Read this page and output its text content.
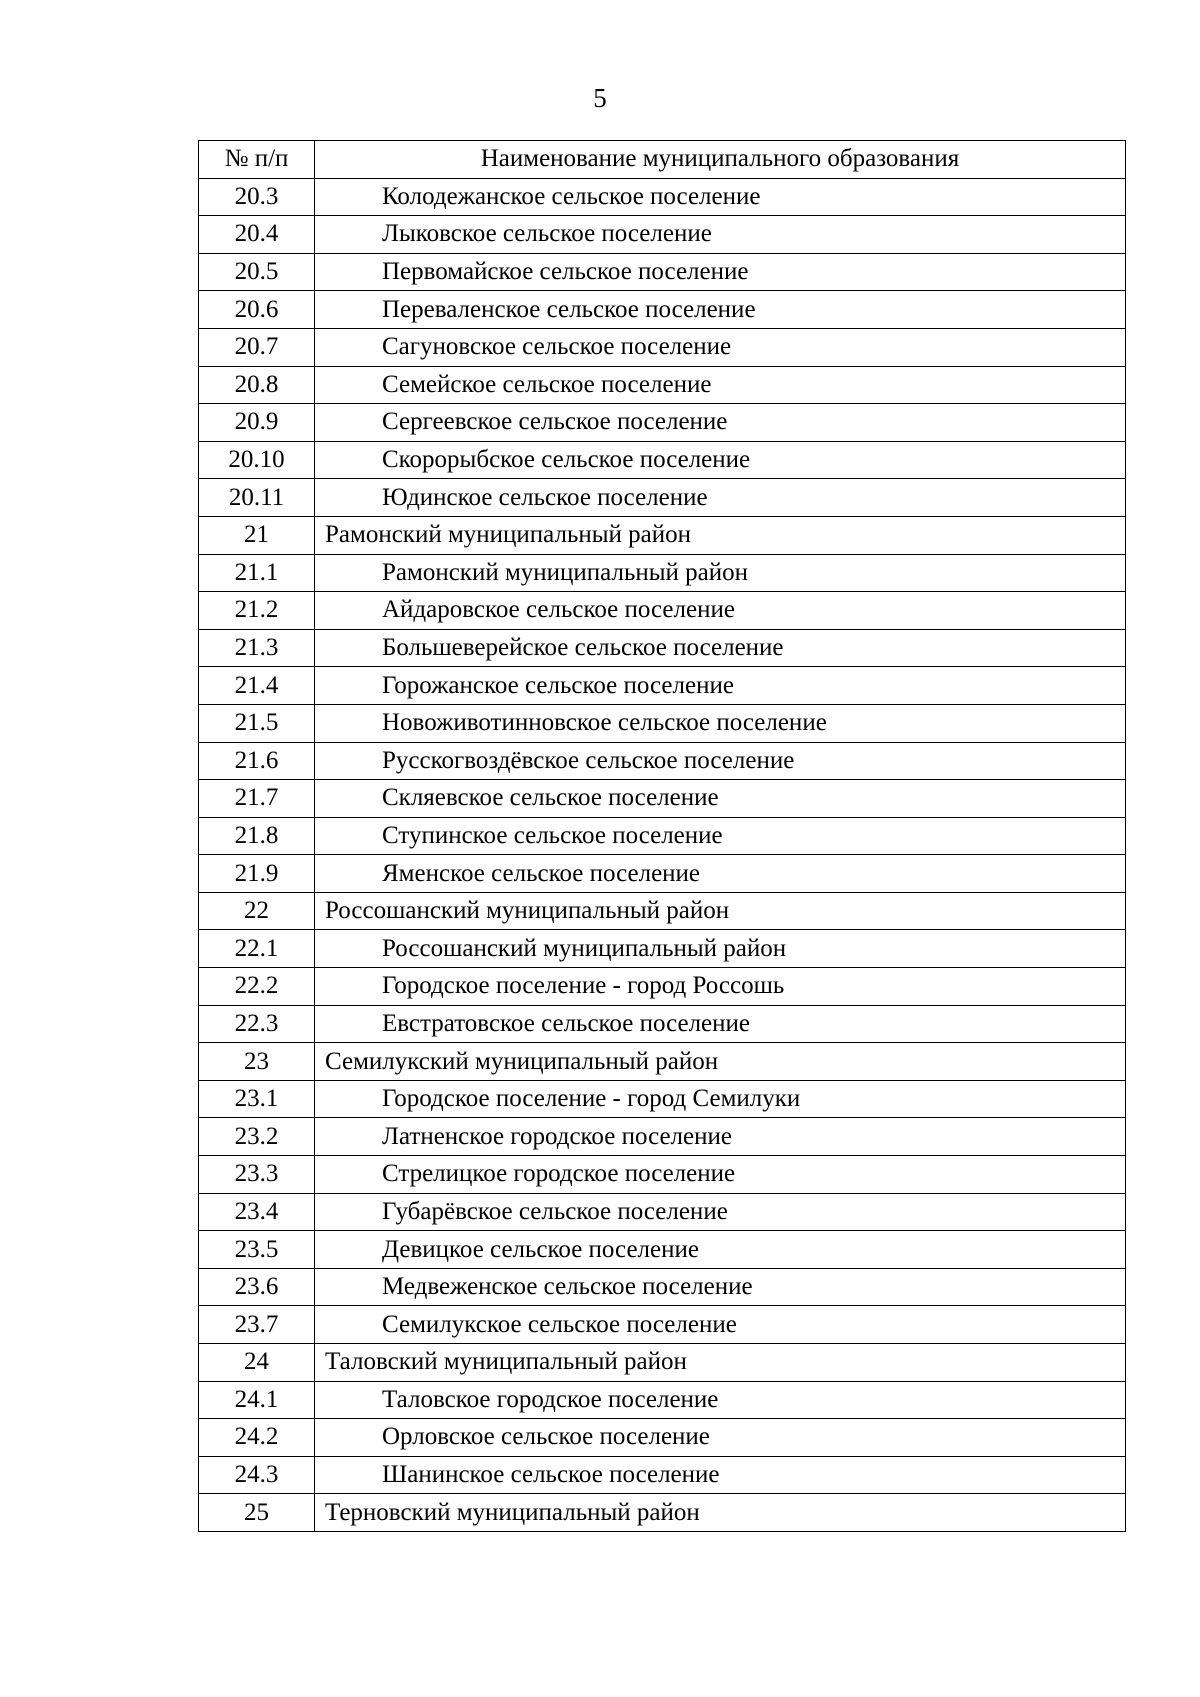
5
№ п/п	Наименование муниципального образования
20.3	Колодежанское сельское поселение
20.4	Лыковское сельское поселение
20.5	Первомайское сельское поселение
20.6	Переваленское сельское поселение
20.7	Сагуновское сельское поселение
20.8	Семейское сельское поселение
20.9	Сергеевское сельское поселение
20.10	Скорорыбское сельское поселение
20.11	Юдинское сельское поселение
21	Рамонский муниципальный район
21.1	Рамонский муниципальный район
21.2	Айдаровское сельское поселение
21.3	Большеверейское сельское поселение
21.4	Горожанское сельское поселение
21.5	Новоживотинновское сельское поселение
21.6	Русскогвоздёвское сельское поселение
21.7	Скляевское сельское поселение
21.8	Ступинское сельское поселение
21.9	Яменское сельское поселение
22	Россошанский муниципальный район
22.1	Россошанский муниципальный район
22.2	Городское поселение - город Россошь
22.3	Евстратовское сельское поселение
23	Семилукский муниципальный район
23.1	Городское поселение - город Семилуки
23.2	Латненское городское поселение
23.3	Стрелицкое городское поселение
23.4	Губарёвское сельское поселение
23.5	Девицкое сельское поселение
23.6	Медвеженское сельское поселение
23.7	Семилукское сельское поселение
24	Таловский муниципальный район
24.1	Таловское городское поселение
24.2	Орловское сельское поселение
24.3	Шанинское сельское поселение
25	Терновский муниципальный район
